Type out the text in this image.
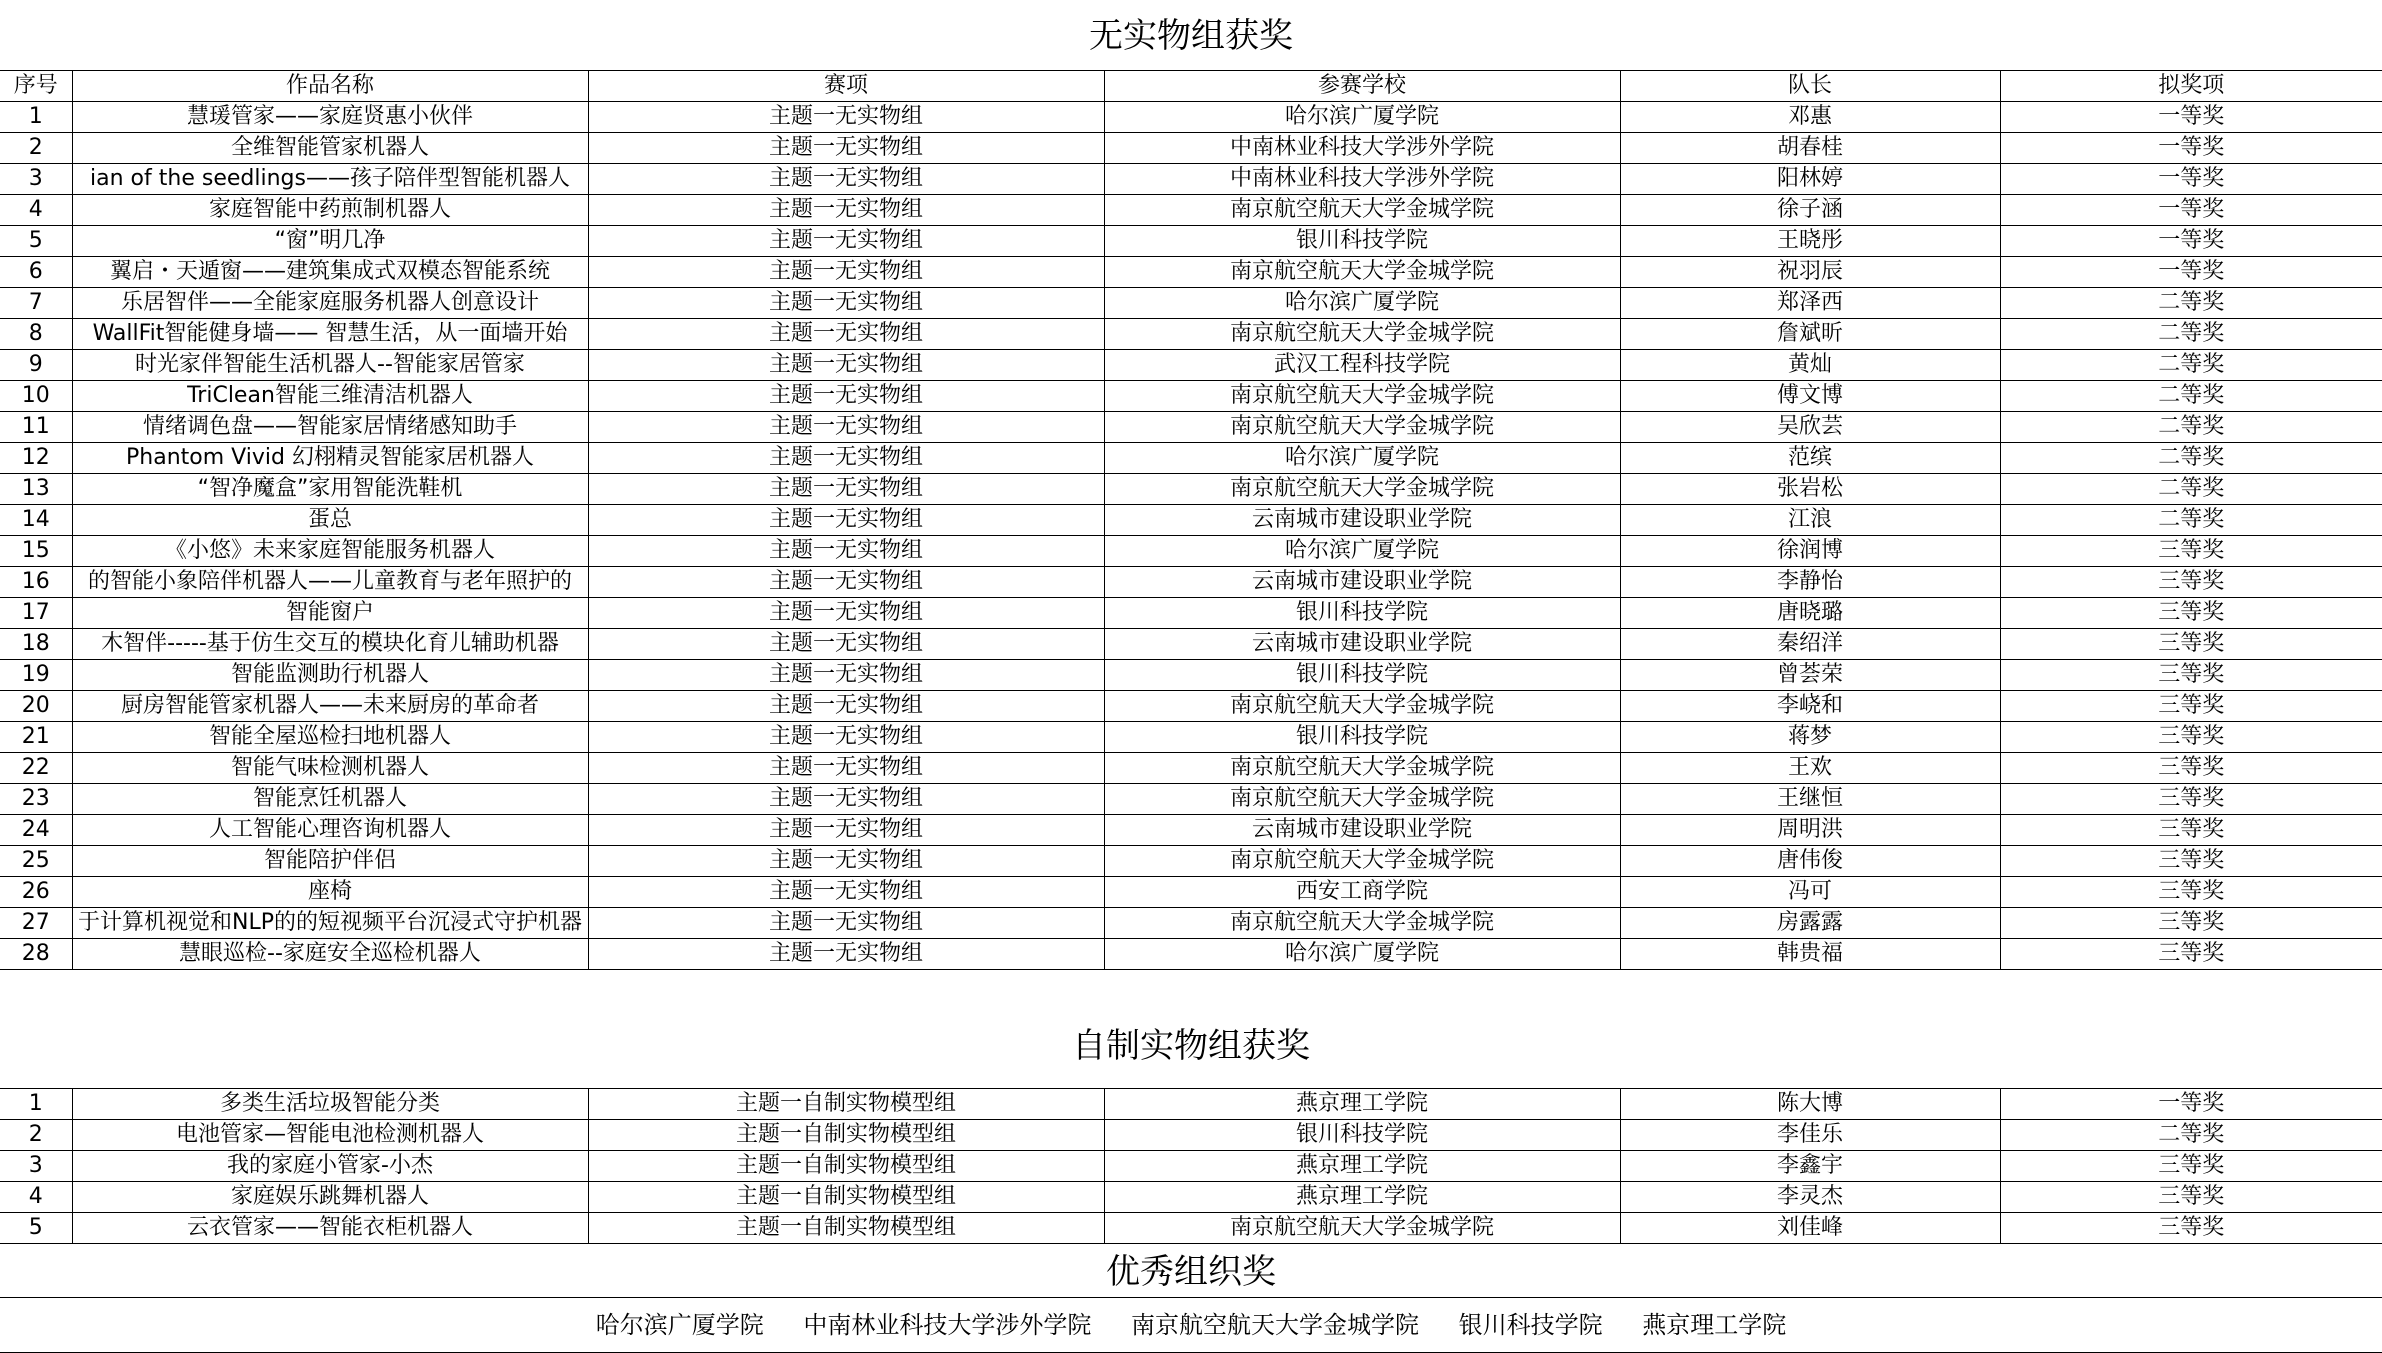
无实物组获奖
序号	作品名称	赛项	参赛学校	队长	拟奖项
1	慧瑗管家——家庭贤惠小伙伴	主题一无实物组	哈尔滨广厦学院	邓惠	一等奖
2	全维智能管家机器人	主题一无实物组	中南林业科技大学涉外学院	胡春桂	一等奖
3	ian of the seedlings——孩子陪伴型智能机器人	主题一无实物组	中南林业科技大学涉外学院	阳林婷	一等奖
4	家庭智能中药煎制机器人	主题一无实物组	南京航空航天大学金城学院	徐子涵	一等奖
5	“窗”明几净	主题一无实物组	银川科技学院	王晓彤	一等奖
6	翼启・天遁窗——建筑集成式双模态智能系统	主题一无实物组	南京航空航天大学金城学院	祝羽辰	一等奖
7	乐居智伴——全能家庭服务机器人创意设计	主题一无实物组	哈尔滨广厦学院	郑泽西	二等奖
8	WallFit智能健身墙—— 智慧生活，从一面墙开始	主题一无实物组	南京航空航天大学金城学院	詹斌昕	二等奖
9	时光家伴智能生活机器人--智能家居管家	主题一无实物组	武汉工程科技学院	黄灿	二等奖
10	TriClean智能三维清洁机器人	主题一无实物组	南京航空航天大学金城学院	傅文博	二等奖
11	情绪调色盘——智能家居情绪感知助手	主题一无实物组	南京航空航天大学金城学院	吴欣芸	二等奖
12	Phantom Vivid 幻栩精灵智能家居机器人	主题一无实物组	哈尔滨广厦学院	范缤	二等奖
13	“智净魔盒”家用智能洗鞋机	主题一无实物组	南京航空航天大学金城学院	张岩松	二等奖
14	蛋总	主题一无实物组	云南城市建设职业学院	江浪	二等奖
15	《小悠》未来家庭智能服务机器人	主题一无实物组	哈尔滨广厦学院	徐润博	三等奖
16	的智能小象陪伴机器人——儿童教育与老年照护的	主题一无实物组	云南城市建设职业学院	李静怡	三等奖
17	智能窗户	主题一无实物组	银川科技学院	唐晓璐	三等奖
18	木智伴-----基于仿生交互的模块化育儿辅助机器	主题一无实物组	云南城市建设职业学院	秦绍洋	三等奖
19	智能监测助行机器人	主题一无实物组	银川科技学院	曾荟荣	三等奖
20	厨房智能管家机器人——未来厨房的革命者	主题一无实物组	南京航空航天大学金城学院	李峣和	三等奖
21	智能全屋巡检扫地机器人	主题一无实物组	银川科技学院	蒋梦	三等奖
22	智能气味检测机器人	主题一无实物组	南京航空航天大学金城学院	王欢	三等奖
23	智能烹饪机器人	主题一无实物组	南京航空航天大学金城学院	王继恒	三等奖
24	人工智能心理咨询机器人	主题一无实物组	云南城市建设职业学院	周明洪	三等奖
25	智能陪护伴侣	主题一无实物组	南京航空航天大学金城学院	唐伟俊	三等奖
26	座椅	主题一无实物组	西安工商学院	冯可	三等奖
27	于计算机视觉和NLP的的短视频平台沉浸式守护机器	主题一无实物组	南京航空航天大学金城学院	房露露	三等奖
28	慧眼巡检--家庭安全巡检机器人	主题一无实物组	哈尔滨广厦学院	韩贵福	三等奖
自制实物组获奖
1	多类生活垃圾智能分类	主题一自制实物模型组	燕京理工学院	陈大博	一等奖
2	电池管家—智能电池检测机器人	主题一自制实物模型组	银川科技学院	李佳乐	二等奖
3	我的家庭小管家-小杰	主题一自制实物模型组	燕京理工学院	李鑫宇	三等奖
4	家庭娱乐跳舞机器人	主题一自制实物模型组	燕京理工学院	李灵杰	三等奖
5	云衣管家——智能衣柜机器人	主题一自制实物模型组	南京航空航天大学金城学院	刘佳峰	三等奖
优秀组织奖
哈尔滨广厦学院 中南林业科技大学涉外学院 南京航空航天大学金城学院 银川科技学院 燕京理工学院
